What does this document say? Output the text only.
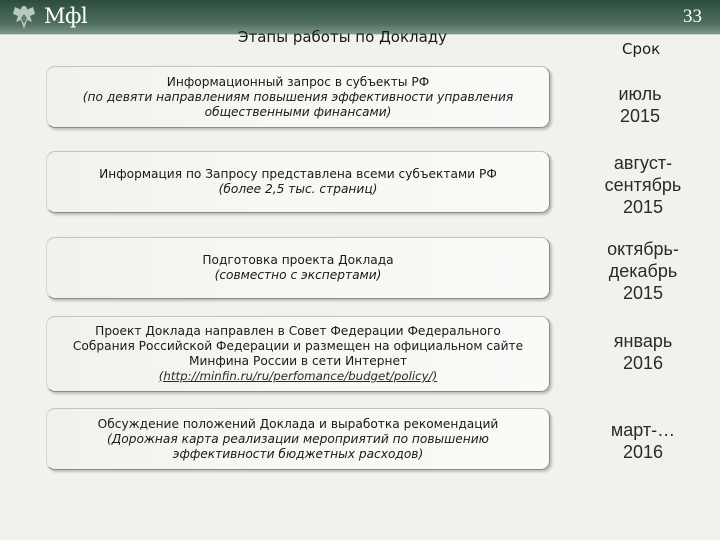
Мфl	33
Этапы работы по Докладу
Срок
Информационный запрос в субъекты РФ
(по девяти направлениям повышения эффективности управления общественными финансами)
июль 2015
Информация по Запросу представлена всеми субъектами РФ
(более 2,5 тыс. страниц)
август- сентябрь 2015
Подготовка проекта Доклада
(совместно с экспертами)
октябрь- декабрь 2015
Проект Доклада направлен в Совет Федерации Федерального Собрания Российской Федерации и размещен на официальном сайте Минфина России в сети Интернет
(http://minfin.ru/ru/perfomance/budget/policy/)
январь 2016
Обсуждение положений Доклада и выработка рекомендаций
(Дорожная карта реализации мероприятий по повышению эффективности бюджетных расходов)
март-… 2016
